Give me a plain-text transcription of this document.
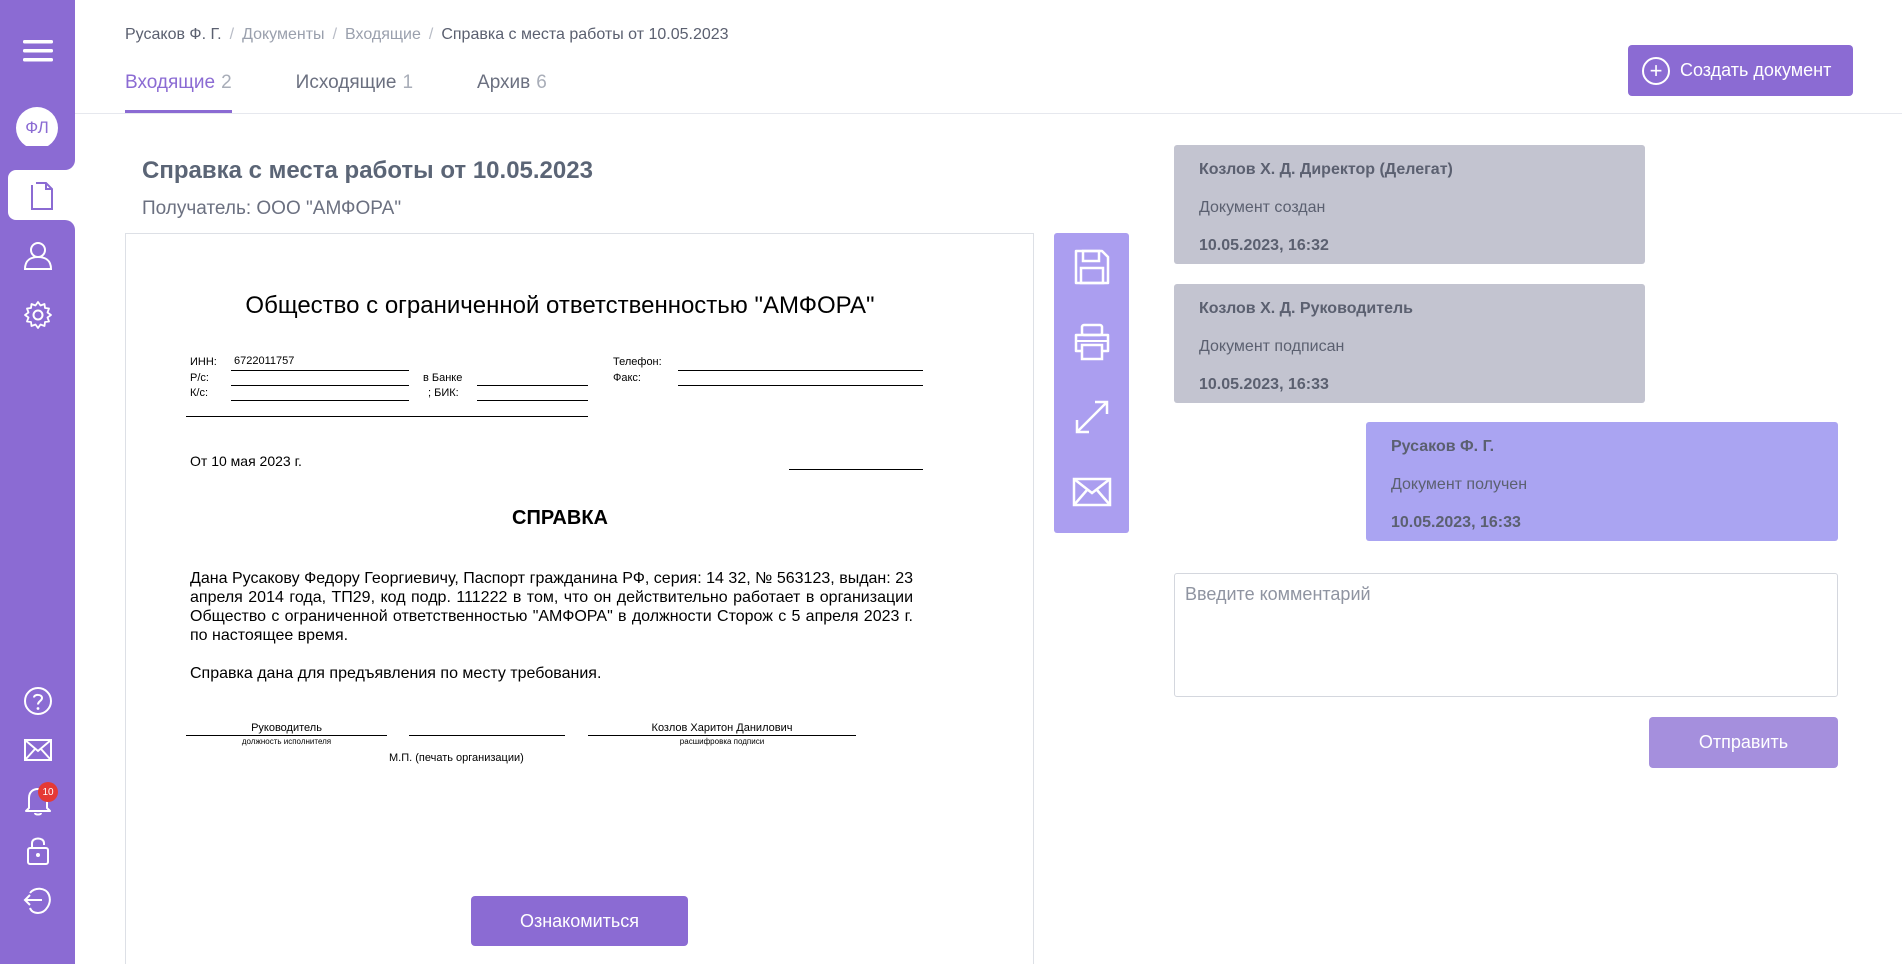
ФЛ
10
Русаков Ф. Г. / Документы / Входящие / Справка с места работы от 10.05.2023
Входящие 2	Исходящие 1	Архив 6	+ Создать документ
Справка с места работы от 10.05.2023
Получатель: ООО "АМФОРА"
Общество с ограниченной ответственностью "АМФОРА"
ИНН: 6722011757
Р/с:
К/с:
в Банке
; БИК:
Телефон:
Факс:
От 10 мая 2023 г.
СПРАВКА
Дана Русакову Федору Георгиевичу, Паспорт гражданина РФ, серия: 14 32, № 563123, выдан: 23 апреля 2014 года, ТП29, код подр. 111222 в том, что он действительно работает в организации Общество с ограниченной ответственностью "АМФОРА" в должности Сторож с 5 апреля 2023 г. по настоящее время.
Справка дана для предъявления по месту требования.
Руководитель
должность исполнителя
Козлов Харитон Данилович
расшифровка подписи
М.П. (печать организации)
Ознакомиться
Козлов Х. Д. Директор (Делегат)
Документ создан
10.05.2023, 16:32
Козлов Х. Д. Руководитель
Документ подписан
10.05.2023, 16:33
Русаков Ф. Г.
Документ получен
10.05.2023, 16:33
Введите комментарий
Отправить
